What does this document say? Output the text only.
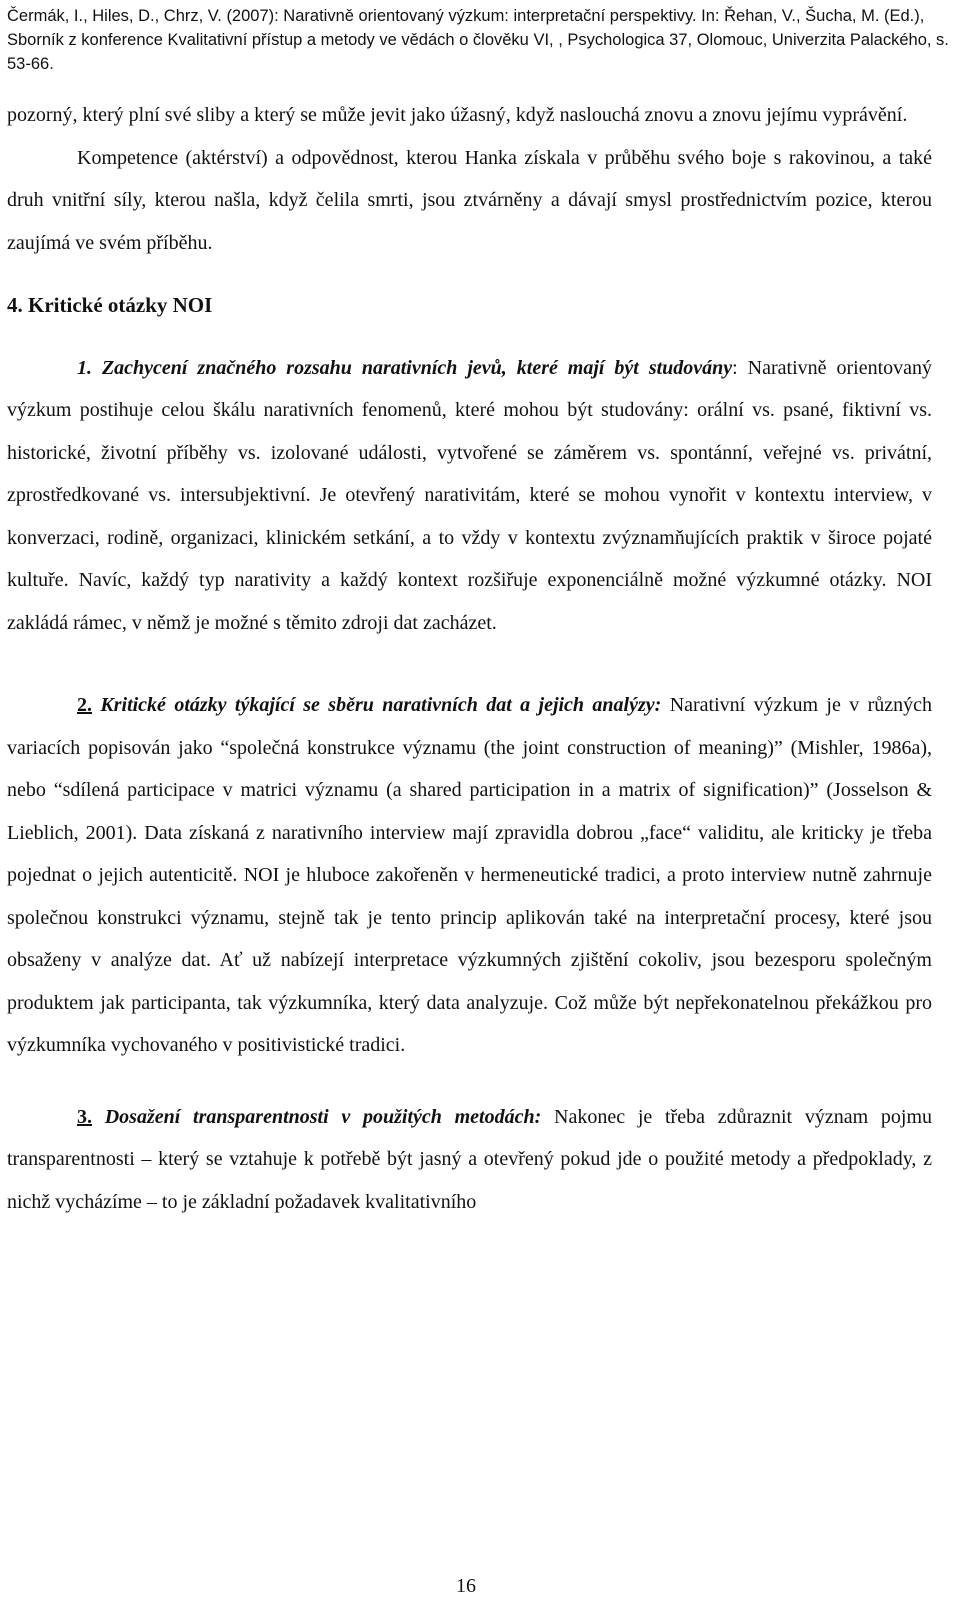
Čermák, I., Hiles, D., Chrz, V. (2007): Narativně orientovaný výzkum: interpretační perspektivy. In: Řehan, V., Šucha, M. (Ed.), Sborník z konference Kvalitativní přístup a metody ve vědách o člověku VI, , Psychologica 37, Olomouc, Univerzita Palackého, s. 53-66.

pozorný, který plní své sliby a který se může jevit jako úžasný, když naslouchá znovu a znovu jejímu vyprávění.

Kompetence (aktérství) a odpovědnost, kterou Hanka získala v průběhu svého boje s rakovinou, a také druh vnitřní síly, kterou našla, když čelila smrti, jsou ztvárněny a dávají smysl prostřednictvím pozice, kterou zaujímá ve svém příběhu.

4. Kritické otázky NOI

1. Zachycení značného rozsahu narativních jevů, které mají být studovány: Narativně orientovaný výzkum postihuje celou škálu narativních fenomenů, které mohou být studovány: orální vs. psané, fiktivní vs. historické, životní příběhy vs. izolované události, vytvořené se záměrem vs. spontánní, veřejné vs. privátní, zprostředkované vs. intersubjektivní. Je otevřený narativitám, které se mohou vynořit v kontextu interview, v konverzaci, rodině, organizaci, klinickém setkání, a to vždy v kontextu zvýznamňujících praktik v široce pojaté kultuře. Navíc, každý typ narativity a každý kontext rozšiřuje exponenciálně možné výzkumné otázky. NOI zakládá rámec, v němž je možné s těmito zdroji dat zacházet.

2. Kritické otázky týkající se sběru narativních dat a jejich analýzy: Narativní výzkum je v různých variacích popisován jako “společná konstrukce významu (the joint construction of meaning)” (Mishler, 1986a), nebo “sdílená participace v matrici významu (a shared participation in a matrix of signification)” (Josselson & Lieblich, 2001). Data získaná z narativního interview mají zpravidla dobrou „face“ validitu, ale kriticky je třeba pojednat o jejich autenticitě. NOI je hluboce zakořeněn v hermeneutické tradici, a proto interview nutně zahrnuje společnou konstrukci významu, stejně tak je tento princip aplikován také na interpretační procesy, které jsou obsaženy v analýze dat. Ať už nabízejí interpretace výzkumných zjištění cokoliv, jsou bezesporu společným produktem jak participanta, tak výzkumníka, který data analyzuje. Což může být nepřekonatelnou překážkou pro výzkumníka vychovaného v positivistické tradici.

3. Dosažení transparentnosti v použitých metodách: Nakonec je třeba zdůraznit význam pojmu transparentnosti – který se vztahuje k potřebě být jasný a otevřený pokud jde o použité metody a předpoklady, z nichž vycházíme – to je základní požadavek kvalitativního

16
